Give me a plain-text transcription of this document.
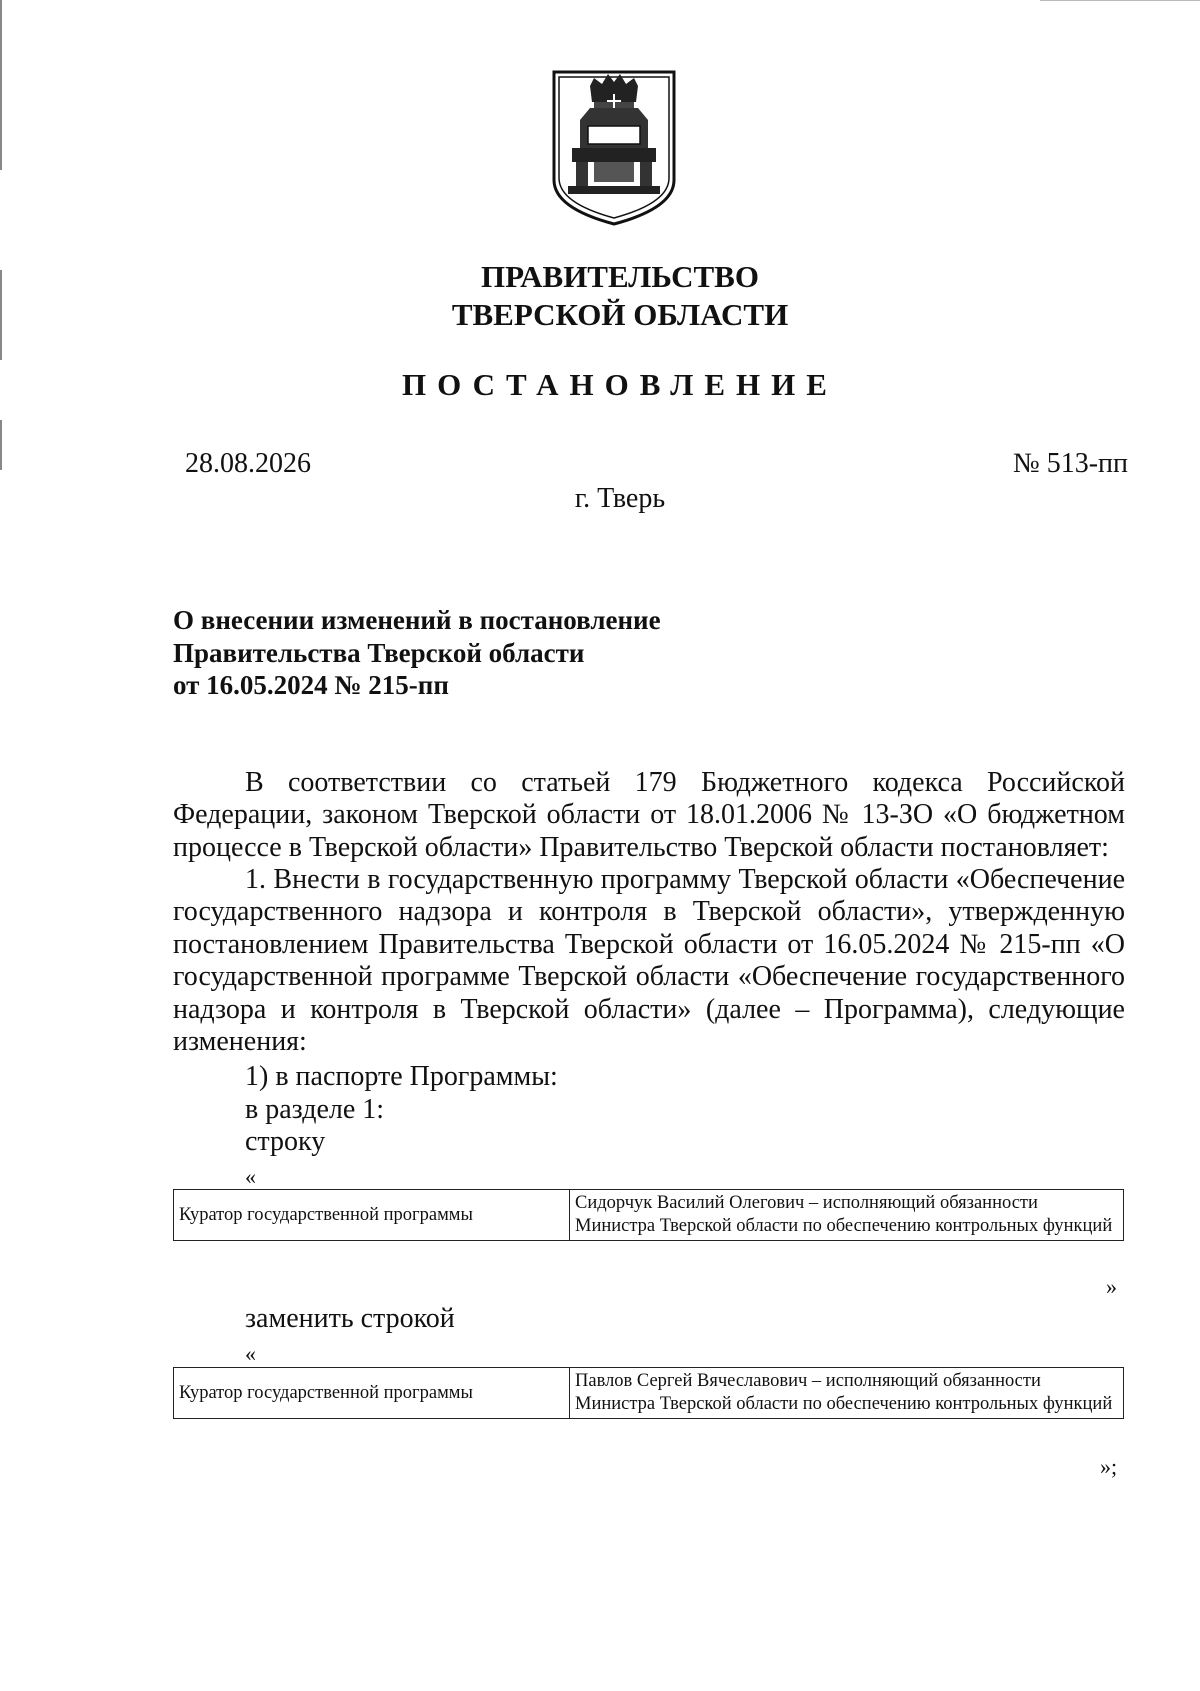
ПРАВИТЕЛЬСТВО
ТВЕРСКОЙ ОБЛАСТИ
ПОСТАНОВЛЕНИЕ
28.08.2026	№ 513-пп
г. Тверь
О внесении изменений в постановление
Правительства Тверской области
от 16.05.2024 № 215-пп
В соответствии со статьей 179 Бюджетного кодекса Российской Федерации, законом Тверской области от 18.01.2006 № 13-ЗО «О бюджетном процессе в Тверской области» Правительство Тверской области постановляет:
1. Внести в государственную программу Тверской области «Обеспечение государственного надзора и контроля в Тверской области», утвержденную постановлением Правительства Тверской области от 16.05.2024 № 215-пп «О государственной программе Тверской области «Обеспечение государственного надзора и контроля в Тверской области» (далее – Программа), следующие изменения:
1) в паспорте Программы:
в разделе 1:
строку
«
Куратор государственной программы	Сидорчук Василий Олегович – исполняющий обязанности Министра Тверской области по обеспечению контрольных функций
»
заменить строкой
«
Куратор государственной программы	Павлов Сергей Вячеславович – исполняющий обязанности Министра Тверской области по обеспечению контрольных функций
»;
